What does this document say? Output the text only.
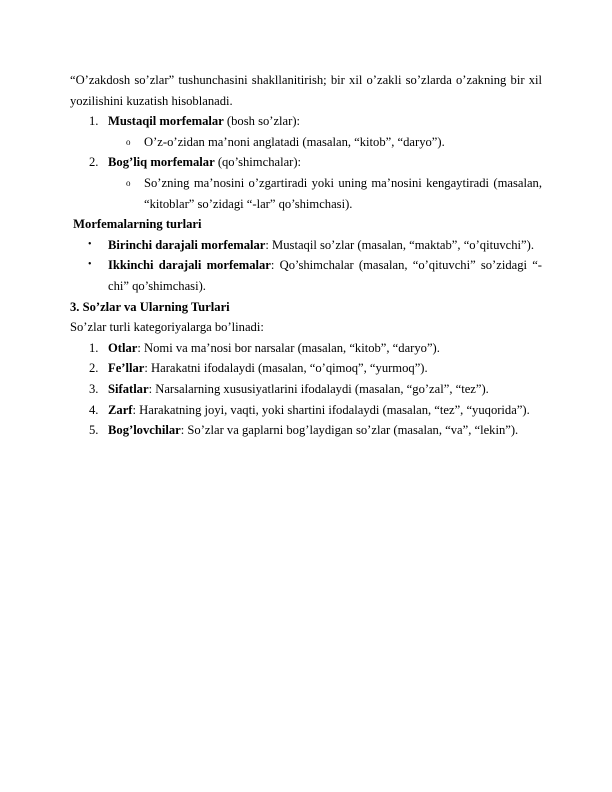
“O’zakdosh so’zlar” tushunchasini shakllanitirish; bir xil o’zakli so’zlarda o’zakning bir xil yozilishini kuzatish hisoblanadi.

1. Mustaqil morfemalar (bosh so’zlar):
o O’z-o’zidan ma’noni anglatadi (masalan, “kitob”, “daryo”).
2. Bog’liq morfemalar (qo’shimchalar):
o So’zning ma’nosini o’zgartiradi yoki uning ma’nosini kengaytiradi (masalan, “kitoblar” so’zidagi “-lar” qo’shimchasi).

Morfemalarning turlari

• Birinchi darajali morfemalar: Mustaqil so’zlar (masalan, “maktab”, “o’qituvchi”).
• Ikkinchi darajali morfemalar: Qo’shimchalar (masalan, “o’qituvchi” so’zidagi “-chi” qo’shimchasi).

3. So’zlar va Ularning Turlari

So’zlar turli kategoriyalarga bo’linadi:

1. Otlar: Nomi va ma’nosi bor narsalar (masalan, “kitob”, “daryo”).
2. Fe’llar: Harakatni ifodalaydi (masalan, “o’qimoq”, “yurmoq”).
3. Sifatlar: Narsalarning xususiyatlarini ifodalaydi (masalan, “go’zal”, “tez”).
4. Zarf: Harakatning joyi, vaqti, yoki shartini ifodalaydi (masalan, “tez”, “yuqorida”).
5. Bog’lovchilar: So’zlar va gaplarni bog’laydigan so’zlar (masalan, “va”, “lekin”).
